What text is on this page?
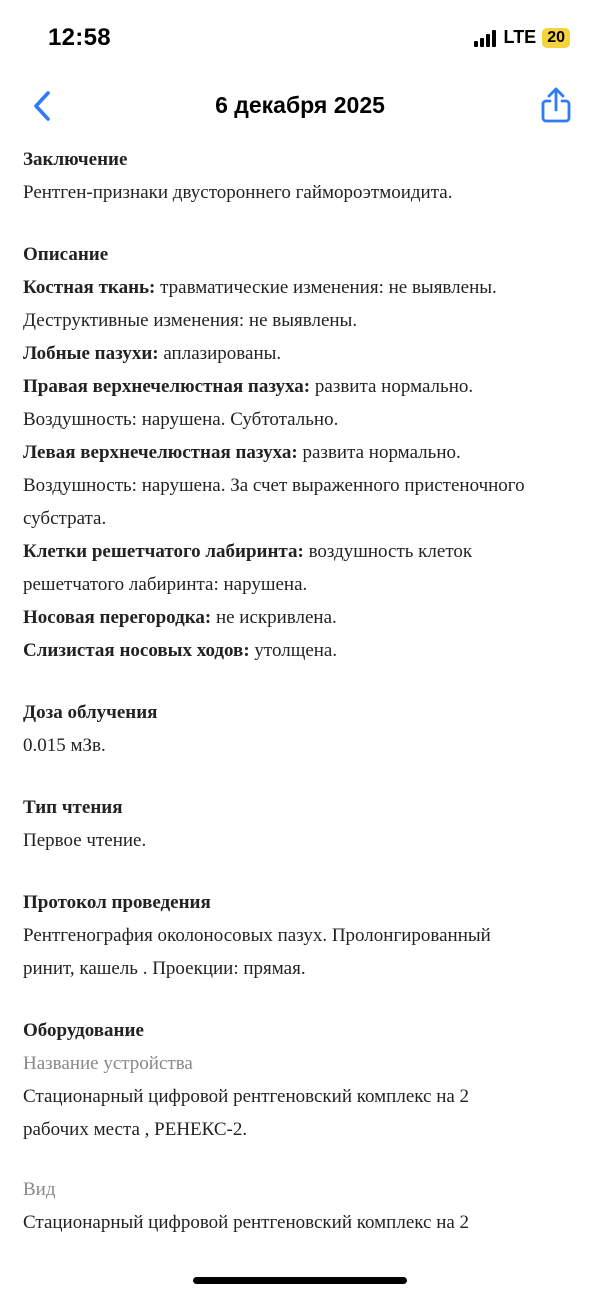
12:58	LTE 20
6 декабря 2025
Заключение
Рентген-признаки двустороннего гаймороэтмоидита.
Описание
Костная ткань: травматические изменения: не выявлены.
Деструктивные изменения: не выявлены.
Лобные пазухи: аплазированы.
Правая верхнечелюстная пазуха: развита нормально.
Воздушность: нарушена. Субтотально.
Левая верхнечелюстная пазуха: развита нормально.
Воздушность: нарушена. За счет выраженного пристеночного
субстрата.
Клетки решетчатого лабиринта: воздушность клеток
решетчатого лабиринта: нарушена.
Носовая перегородка: не искривлена.
Слизистая носовых ходов: утолщена.
Доза облучения
0.015 мЗв.
Тип чтения
Первое чтение.
Протокол проведения
Рентгенография околоносовых пазух. Пролонгированный
ринит, кашель . Проекции: прямая.
Оборудование
Название устройства
Стационарный цифровой рентгеновский комплекс на 2
рабочих места , РЕНЕКС-2.
Вид
Стационарный цифровой рентгеновский комплекс на 2
